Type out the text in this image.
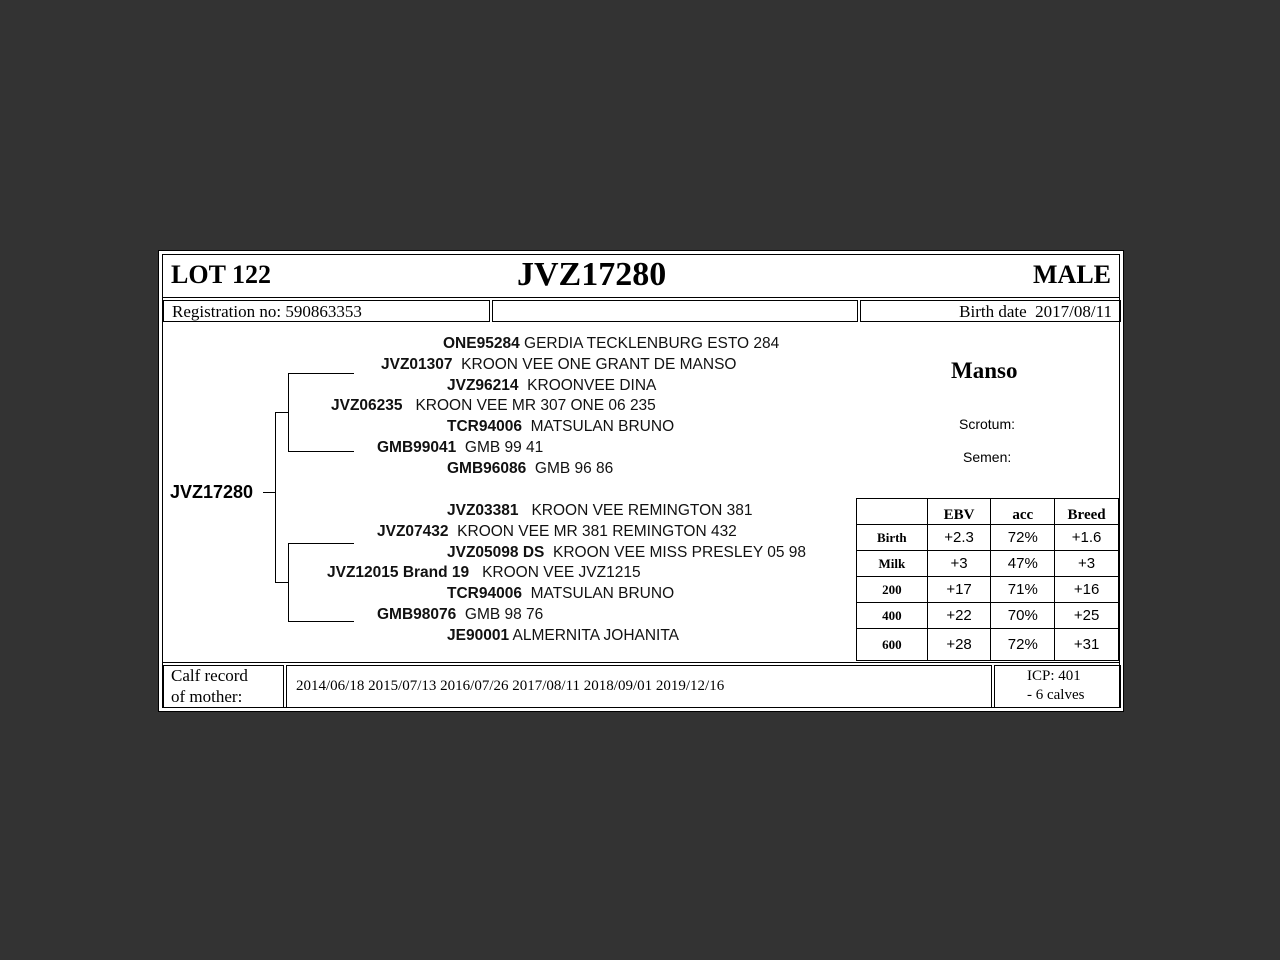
LOT 122	JVZ17280	MALE
Registration no: 590863353	Birth date 2017/08/11
JVZ17280
ONE95284 GERDIA TECKLENBURG ESTO 284
JVZ01307 KROON VEE ONE GRANT DE MANSO
JVZ96214 KROONVEE DINA
JVZ06235 KROON VEE MR 307 ONE 06 235
TCR94006 MATSULAN BRUNO
GMB99041 GMB 99 41
GMB96086 GMB 96 86
JVZ03381 KROON VEE REMINGTON 381
JVZ07432 KROON VEE MR 381 REMINGTON 432
JVZ05098 DS KROON VEE MISS PRESLEY 05 98
JVZ12015 Brand 19 KROON VEE JVZ1215
TCR94006 MATSULAN BRUNO
GMB98076 GMB 98 76
JE90001 ALMERNITA JOHANITA
Manso
Scrotum:
Semen:
	EBV	acc	Breed
Birth	+2.3	72%	+1.6
Milk	+3	47%	+3
200	+17	71%	+16
400	+22	70%	+25
600	+28	72%	+31
Calf record
of mother:
2014/06/18 2015/07/13 2016/07/26 2017/08/11 2018/09/01 2019/12/16
ICP: 401
- 6 calves
